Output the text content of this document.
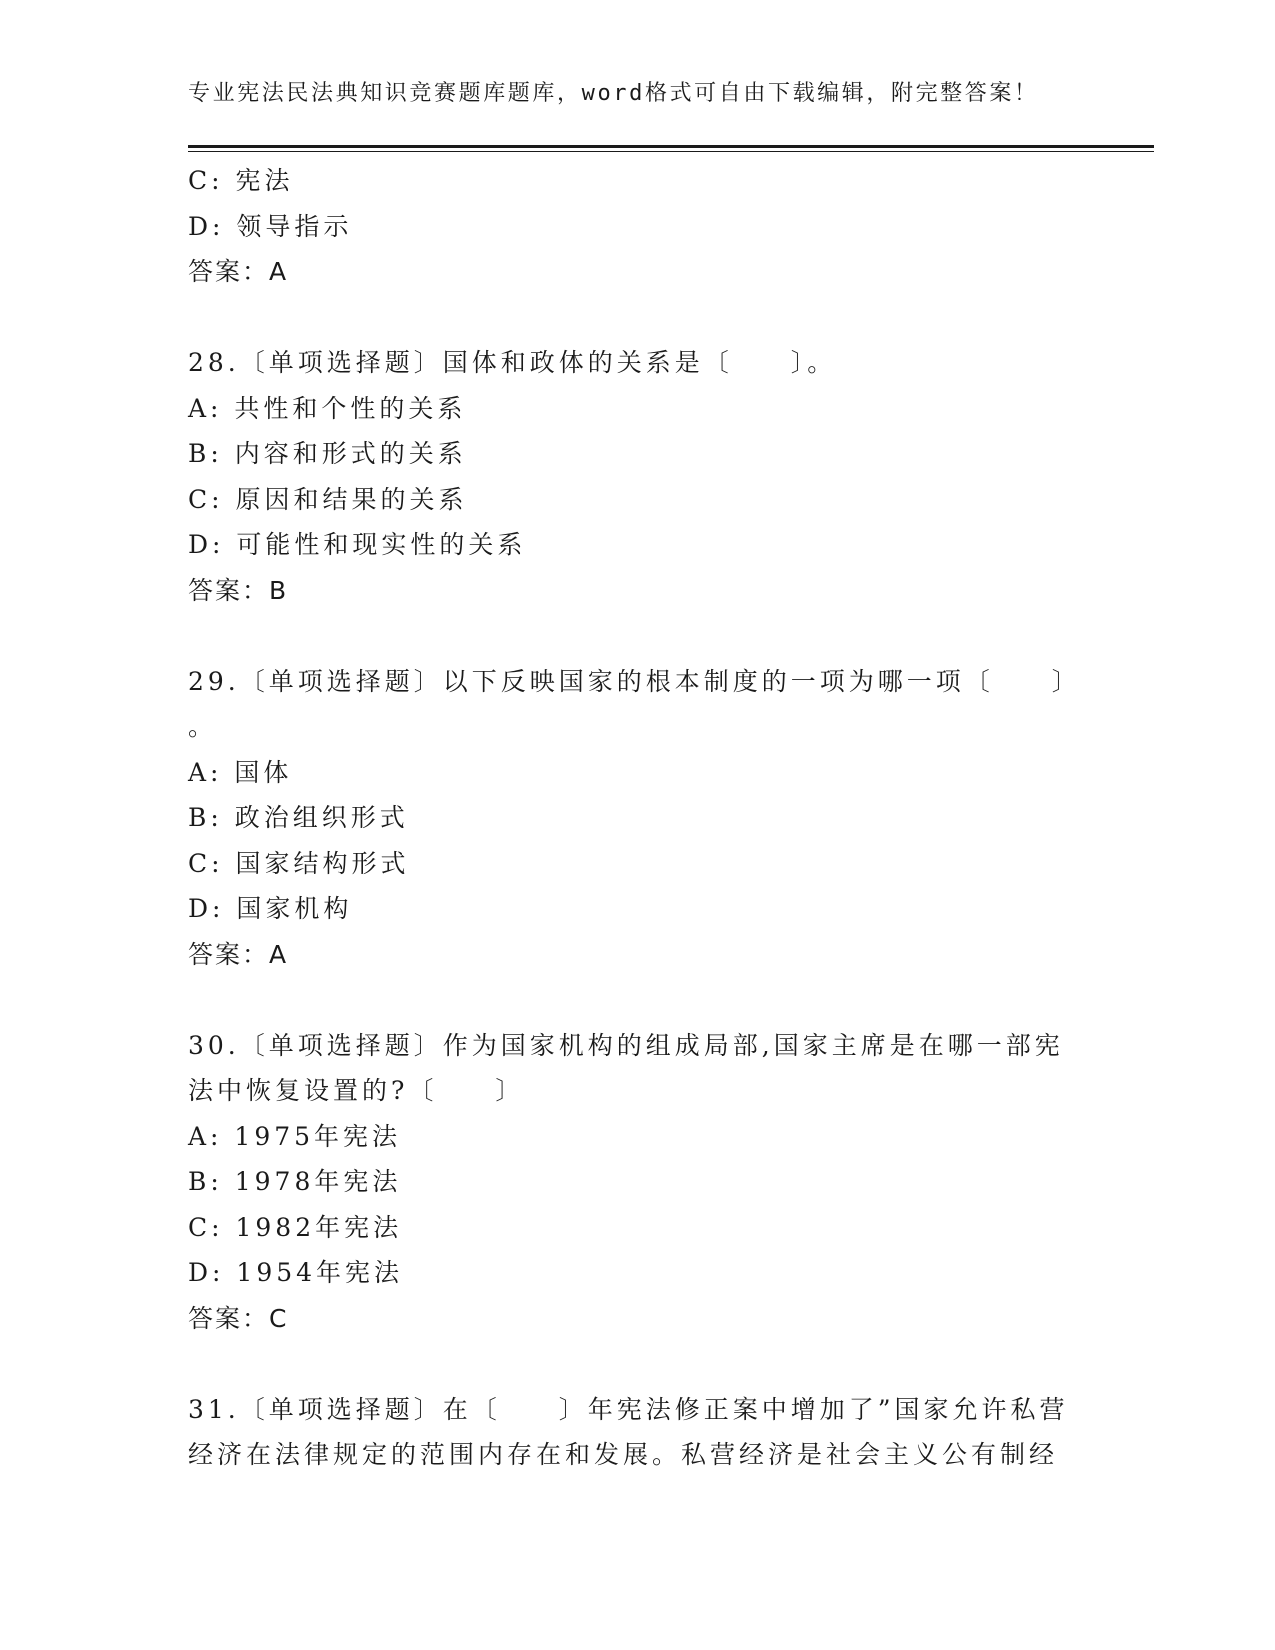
专业宪法民法典知识竞赛题库题库，word格式可自由下载编辑，附完整答案！
C: 宪法
D: 领导指示
答案：A
28.〔单项选择题〕国体和政体的关系是〔　　〕。
A: 共性和个性的关系
B: 内容和形式的关系
C: 原因和结果的关系
D: 可能性和现实性的关系
答案：B
29.〔单项选择题〕以下反映国家的根本制度的一项为哪一项〔　　〕
。
A: 国体
B: 政治组织形式
C: 国家结构形式
D: 国家机构
答案：A
30.〔单项选择题〕作为国家机构的组成局部,国家主席是在哪一部宪
法中恢复设置的?〔　　〕
A: 1975年宪法
B: 1978年宪法
C: 1982年宪法
D: 1954年宪法
答案：C
31.〔单项选择题〕在〔　　〕年宪法修正案中增加了”国家允许私营
经济在法律规定的范围内存在和发展。私营经济是社会主义公有制经
